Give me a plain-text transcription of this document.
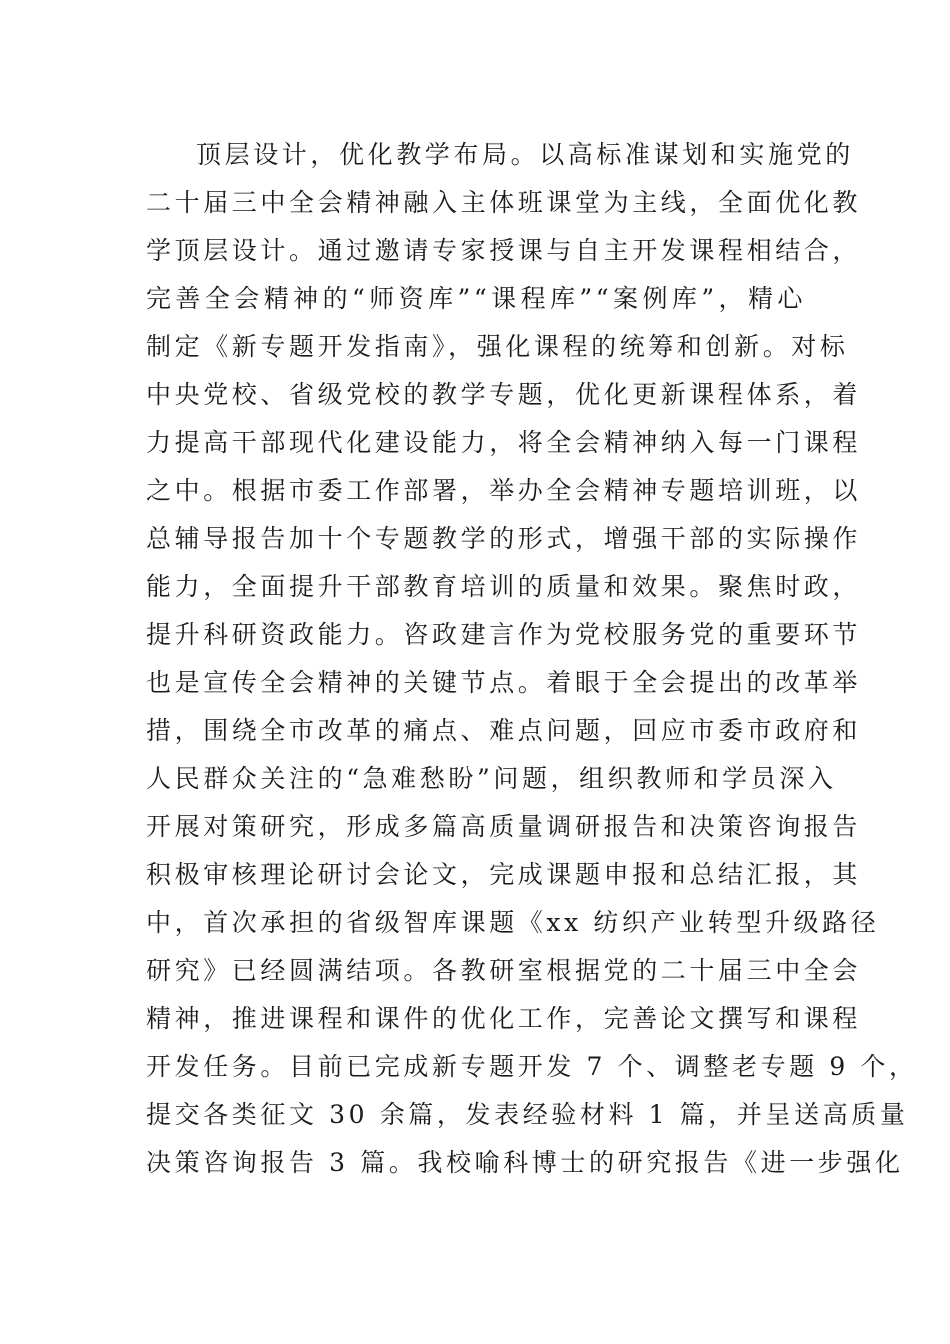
顶层设计，优化教学布局。以高标准谋划和实施党的
二十届三中全会精神融入主体班课堂为主线，全面优化教
学顶层设计。通过邀请专家授课与自主开发课程相结合，
完善全会精神的“师资库”“课程库”“案例库”，精心
制定《新专题开发指南》，强化课程的统筹和创新。对标
中央党校、省级党校的教学专题，优化更新课程体系，着
力提高干部现代化建设能力，将全会精神纳入每一门课程
之中。根据市委工作部署，举办全会精神专题培训班，以
总辅导报告加十个专题教学的形式，增强干部的实际操作
能力，全面提升干部教育培训的质量和效果。聚焦时政，
提升科研资政能力。咨政建言作为党校服务党的重要环节
也是宣传全会精神的关键节点。着眼于全会提出的改革举
措，围绕全市改革的痛点、难点问题，回应市委市政府和
人民群众关注的“急难愁盼”问题，组织教师和学员深入
开展对策研究，形成多篇高质量调研报告和决策咨询报告
积极审核理论研讨会论文，完成课题申报和总结汇报，其
中，首次承担的省级智库课题《xx 纺织产业转型升级路径
研究》已经圆满结项。各教研室根据党的二十届三中全会
精神，推进课程和课件的优化工作，完善论文撰写和课程
开发任务。目前已完成新专题开发 7 个、调整老专题 9 个，
提交各类征文 30 余篇，发表经验材料 1 篇，并呈送高质量
决策咨询报告 3 篇。我校喻科博士的研究报告《进一步强化
